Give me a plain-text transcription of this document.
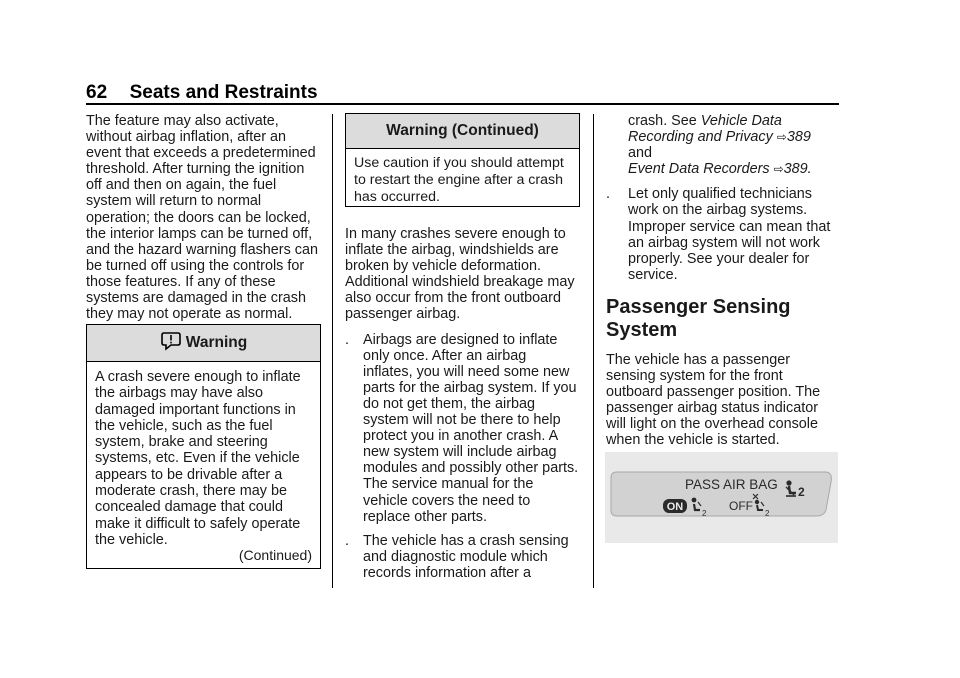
62 Seats and Restraints

The feature may also activate, without airbag inflation, after an event that exceeds a predetermined threshold. After turning the ignition off and then on again, the fuel system will return to normal operation; the doors can be locked, the interior lamps can be turned off, and the hazard warning flashers can be turned off using the controls for those features. If any of these systems are damaged in the crash they may not operate as normal.

Warning
A crash severe enough to inflate the airbags may have also damaged important functions in the vehicle, such as the fuel system, brake and steering systems, etc. Even if the vehicle appears to be drivable after a moderate crash, there may be concealed damage that could make it difficult to safely operate the vehicle.
(Continued)
Warning (Continued)
Use caution if you should attempt to restart the engine after a crash has occurred.

In many crashes severe enough to inflate the airbag, windshields are broken by vehicle deformation. Additional windshield breakage may also occur from the front outboard passenger airbag.

. Airbags are designed to inflate only once. After an airbag inflates, you will need some new parts for the airbag system. If you do not get them, the airbag system will not be there to help protect you in another crash. A new system will include airbag modules and possibly other parts. The service manual for the vehicle covers the need to replace other parts.
. The vehicle has a crash sensing and diagnostic module which records information after a
crash. See Vehicle Data Recording and Privacy ⇨389
and
Event Data Recorders ⇨389.
. Let only qualified technicians work on the airbag systems. Improper service can mean that an airbag system will not work properly. See your dealer for service.
Passenger Sensing System

The vehicle has a passenger sensing system for the front outboard passenger position. The passenger airbag status indicator will light on the overhead console when the vehicle is started.

PASS AIR BAG
ON
2
OFF
2
2
